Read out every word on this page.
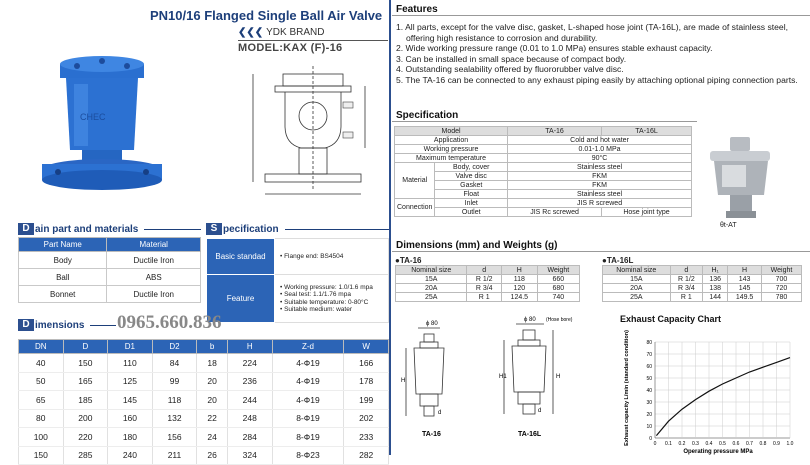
PN10/16 Flanged Single Ball Air Valve
❮❮❮ YDK BRAND
MODEL:KAX (F)-16
CHEC
D ain part and materials
Part Name	Material
Body	Ductile Iron
Ball	ABS
Bonnet	Ductile Iron
S pecification
Basic standad	• Flange end: BS4504

Feature	• Working pressure: 1.0/1.6 mpa
• Seal test: 1.1/1.76 mpa
• Suitable temperature: 0-80°C
• Suitable medium: water
D imensions 0965.660.836
DN	D	D1	D2	b	H	Z-d	W
40	150	110	84	18	224	4-Ф19	166
50	165	125	99	20	236	4-Ф19	178
65	185	145	118	20	244	4-Ф19	199
80	200	160	132	22	248	8-Ф19	202
100	220	180	156	24	284	8-Ф19	233
150	285	240	211	26	324	8-Ф23	282
Features
1. All parts, except for the valve disc, gasket, L-shaped hose joint (TA-16L), are made of stainless steel, offering high resistance to corrosion and durability.
2. Wide working pressure range (0.01 to 1.0 MPa) ensures stable exhaust capacity.
3. Can be installed in small space because of compact body.
4. Outstanding sealability offered by fluororubber valve disc.
5. The TA-16 can be connected to any exhaust piping easily by attaching optional piping connection parts.
Specification
Model		TA-16	TA-16L
Application		Cold and hot water	
Working pressure		0.01-1.0 MPa	
Maximum temperature		90°C	
Material	Body, cover	Stainless steel	
	Valve disc	FKM	
	Gasket	FKM	
	Float	Stainless steel	
Connection	Inlet	JIS R screwed	
	Outlet	JIS Rc screwed	Hose joint type
θt-AT
Dimensions (mm) and Weights (g)
●TA-16
Nominal size	d	H	Weight
15A	R 1/2	118	660
20A	R 3/4	120	680
25A	R 1	124.5	740
●TA-16L
Nominal size	d	H₁	H	Weight
15A	R 1/2	136	143	700
20A	R 3/4	138	145	720
25A	R 1	144	149.5	780
ϕ 80
ϕ 80 (Hose bore)
H
H1	H
d	d
TA-16	TA-16L
Exhaust Capacity Chart
0
10
20
30
40
50
60
70
80
0 0.1 0.2 0.3 0.4 0.5 0.6 0.7 0.8 0.9 1.0
Operating pressure MPa
Exhaust capacity L/min (standard condition)
